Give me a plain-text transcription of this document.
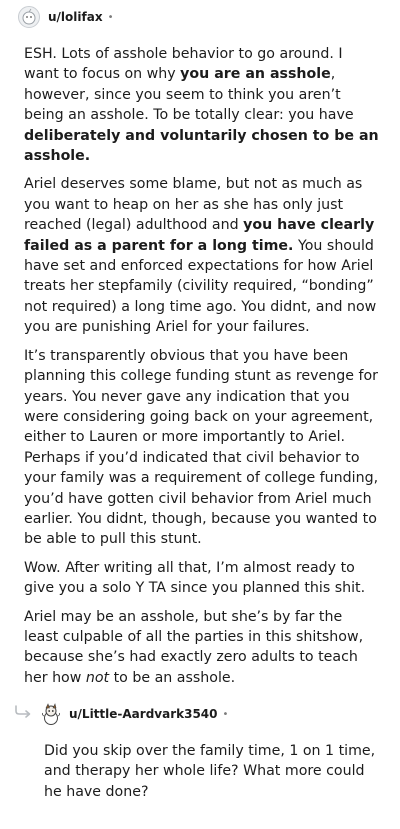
u/lolifax •

ESH. Lots of asshole behavior to go around. I want to focus on why you are an asshole, however, since you seem to think you aren’t being an asshole. To be totally clear: you have deliberately and voluntarily chosen to be an asshole.

Ariel deserves some blame, but not as much as you want to heap on her as she has only just reached (legal) adulthood and you have clearly failed as a parent for a long time. You should have set and enforced expectations for how Ariel treats her stepfamily (civility required, “bonding” not required) a long time ago. You didnt, and now you are punishing Ariel for your failures.

It’s transparently obvious that you have been planning this college funding stunt as revenge for years. You never gave any indication that you were considering going back on your agreement, either to Lauren or more importantly to Ariel. Perhaps if you’d indicated that civil behavior to your family was a requirement of college funding, you’d have gotten civil behavior from Ariel much earlier. You didnt, though, because you wanted to be able to pull this stunt.

Wow. After writing all that, I’m almost ready to give you a solo Y TA since you planned this shit.

Ariel may be an asshole, but she’s by far the least culpable of all the parties in this shitshow, because she’s had exactly zero adults to teach her how not to be an asshole.

u/Little-Aardvark3540 •

Did you skip over the family time, 1 on 1 time, and therapy her whole life? What more could he have done?
